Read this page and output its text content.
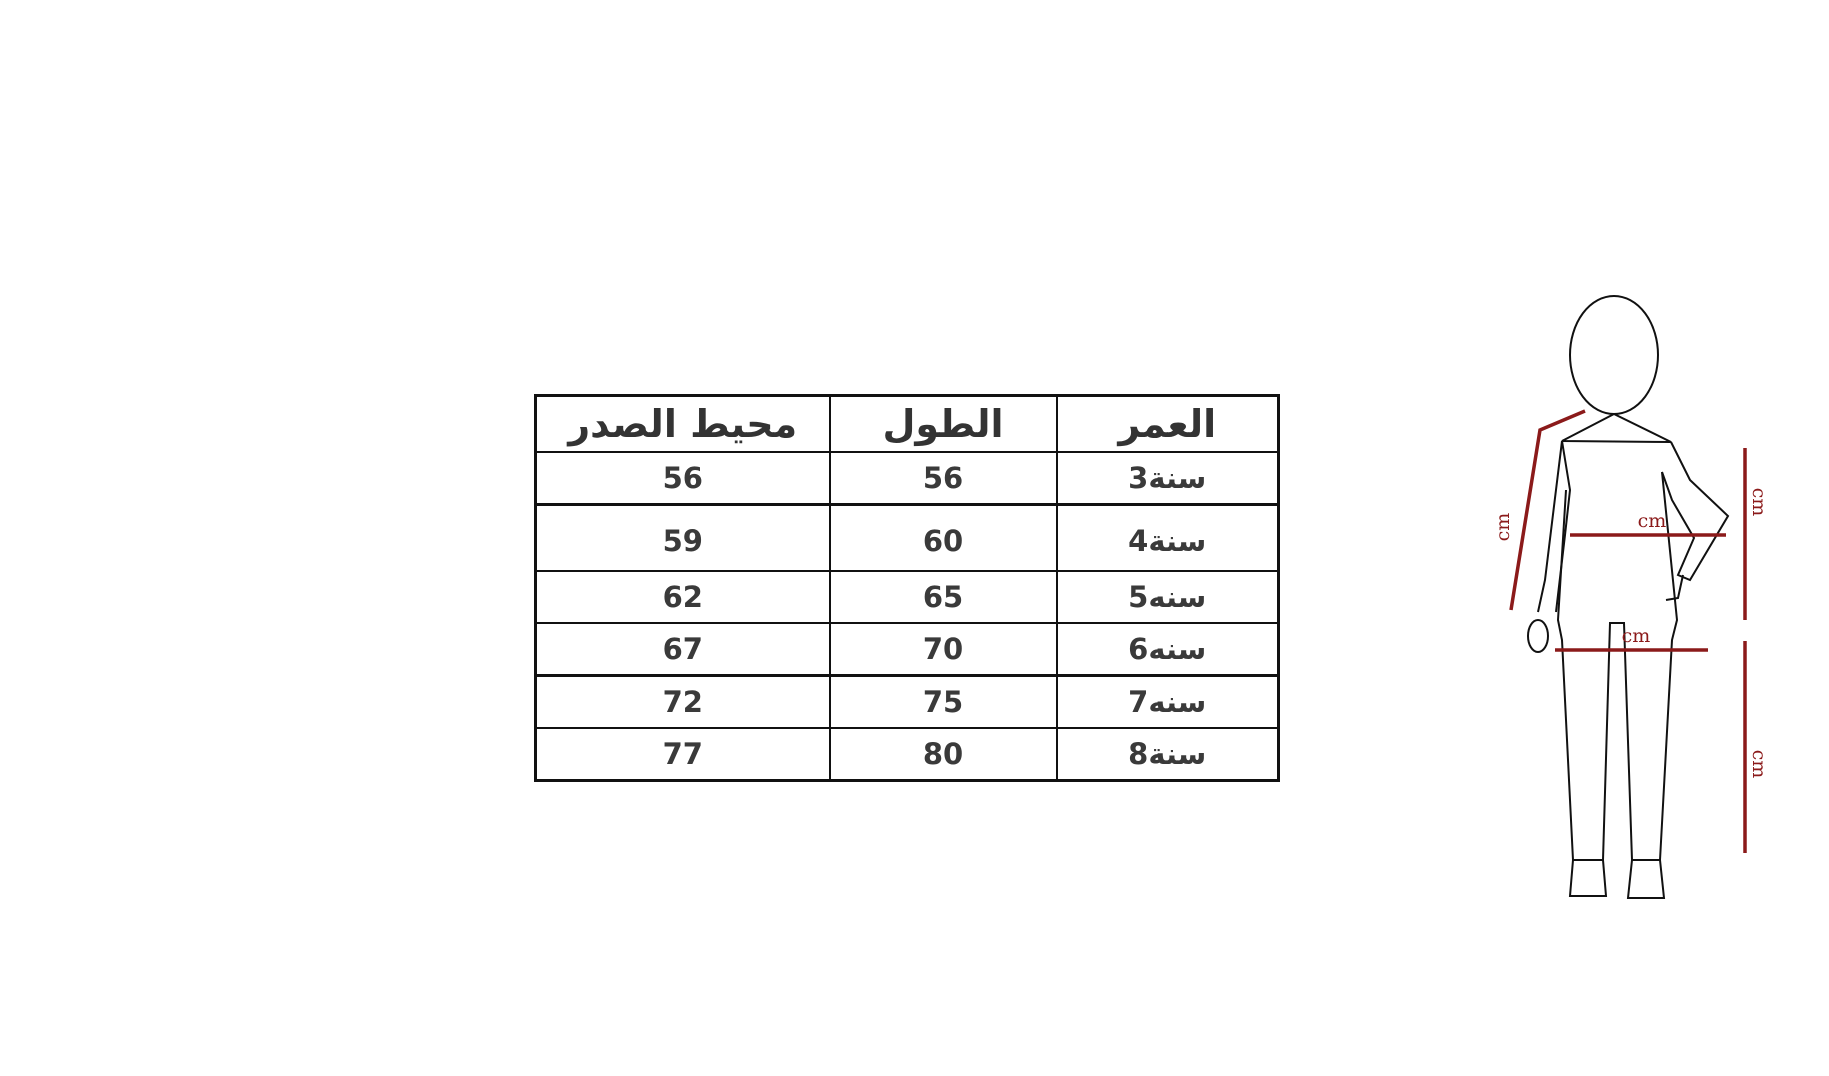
محيط الصدر	الطول	العمر
56	56	سنة3
59	60	سنة4
62	65	سنه5
67	70	سنه6
72	75	سنه7
77	80	سنة8
cm	cm
cm
cm
cm
